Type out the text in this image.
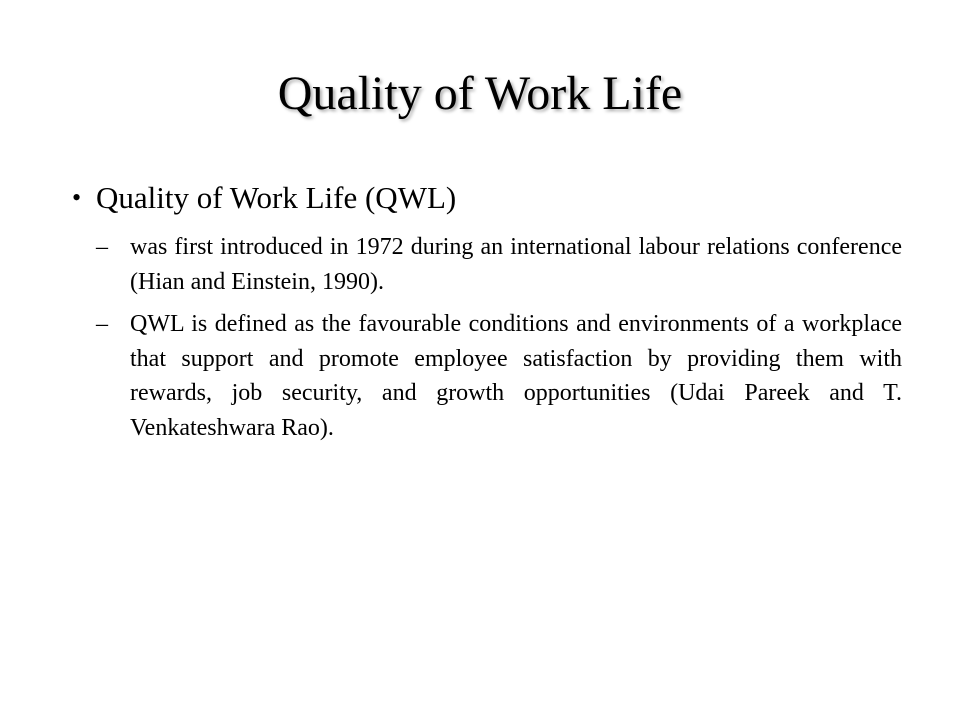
Quality of Work Life
• Quality of Work Life (QWL)
– was first introduced in 1972 during an international labour relations conference (Hian and Einstein, 1990).
– QWL is defined as the favourable conditions and environments of a workplace that support and promote employee satisfaction by providing them with rewards, job security, and growth opportunities (Udai Pareek and T. Venkateshwara Rao).
